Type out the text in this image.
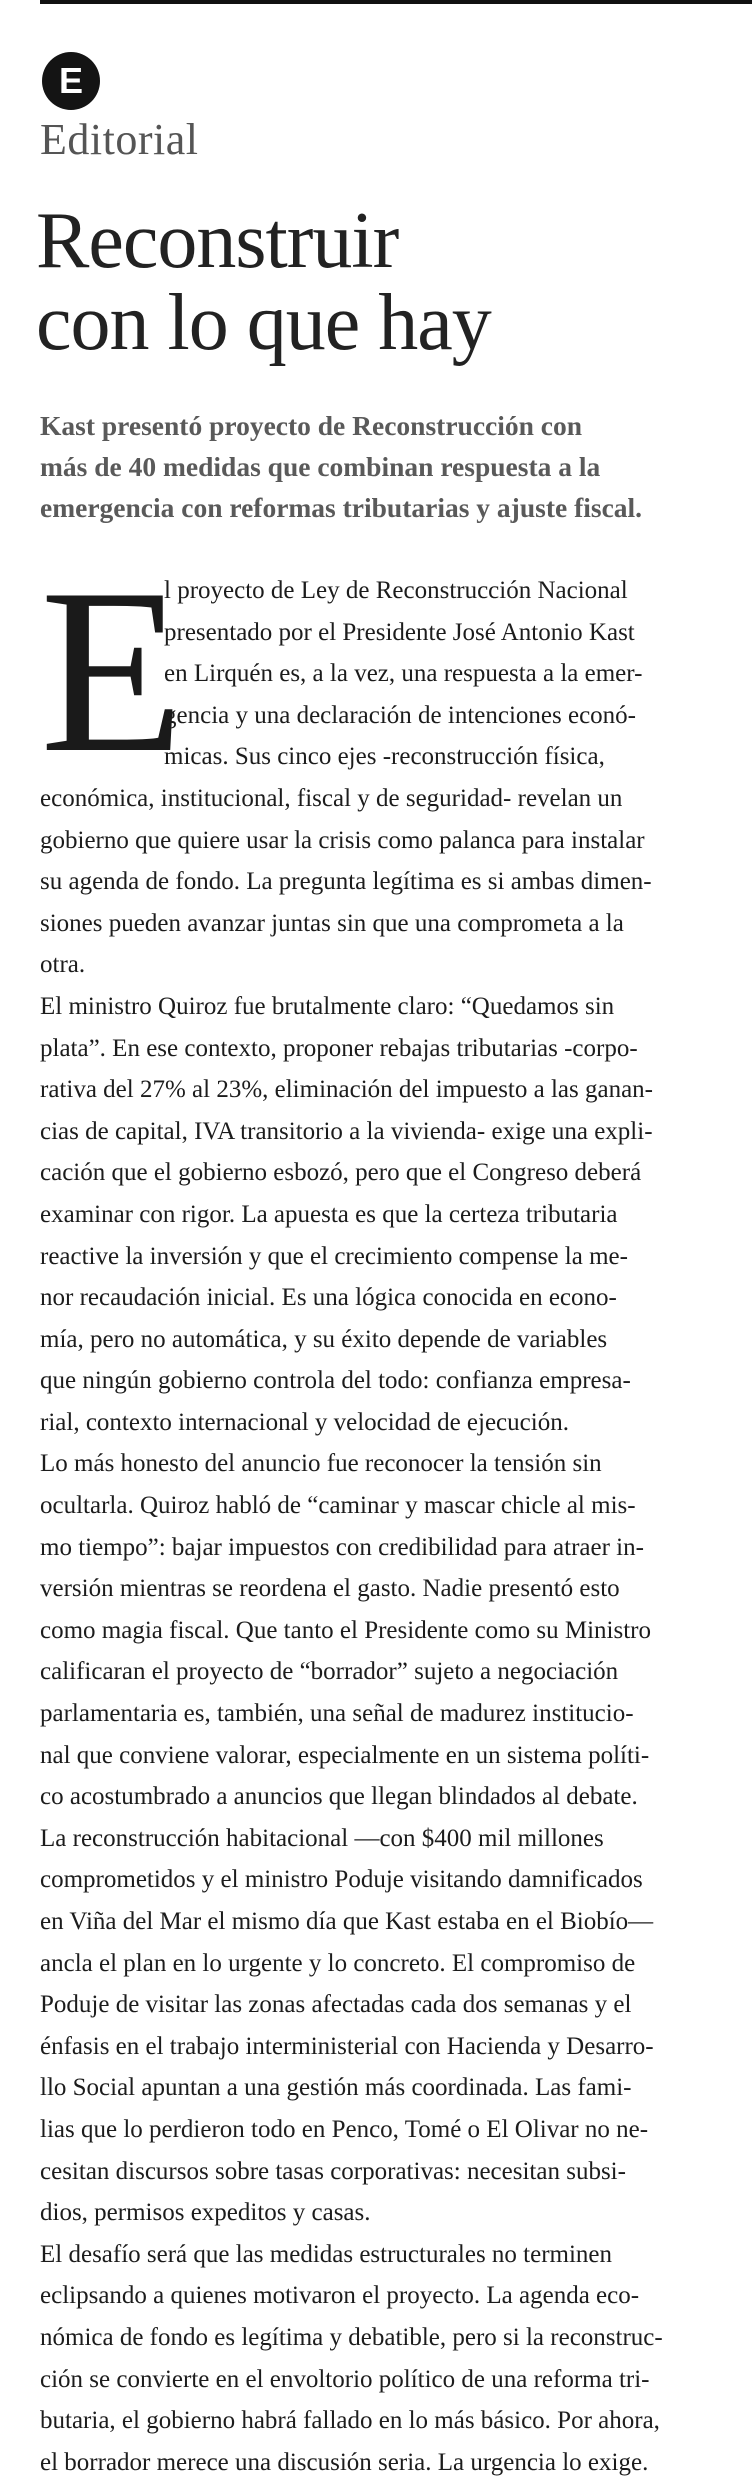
E
Editorial
Reconstruir
con lo que hay
Kast presentó proyecto de Reconstrucción con
más de 40 medidas que combinan respuesta a la
emergencia con reformas tributarias y ajuste fiscal.
E
l proyecto de Ley de Reconstrucción Nacional
presentado por el Presidente José Antonio Kast
en Lirquén es, a la vez, una respuesta a la emer-
gencia y una declaración de intenciones econó-
micas. Sus cinco ejes -reconstrucción física,
económica, institucional, fiscal y de seguridad- revelan un
gobierno que quiere usar la crisis como palanca para instalar
su agenda de fondo. La pregunta legítima es si ambas dimen-
siones pueden avanzar juntas sin que una comprometa a la
otra.
El ministro Quiroz fue brutalmente claro: “Quedamos sin
plata”. En ese contexto, proponer rebajas tributarias -corpo-
rativa del 27% al 23%, eliminación del impuesto a las ganan-
cias de capital, IVA transitorio a la vivienda- exige una expli-
cación que el gobierno esbozó, pero que el Congreso deberá
examinar con rigor. La apuesta es que la certeza tributaria
reactive la inversión y que el crecimiento compense la me-
nor recaudación inicial. Es una lógica conocida en econo-
mía, pero no automática, y su éxito depende de variables
que ningún gobierno controla del todo: confianza empresa-
rial, contexto internacional y velocidad de ejecución.
Lo más honesto del anuncio fue reconocer la tensión sin
ocultarla. Quiroz habló de “caminar y mascar chicle al mis-
mo tiempo”: bajar impuestos con credibilidad para atraer in-
versión mientras se reordena el gasto. Nadie presentó esto
como magia fiscal. Que tanto el Presidente como su Ministro
calificaran el proyecto de “borrador” sujeto a negociación
parlamentaria es, también, una señal de madurez institucio-
nal que conviene valorar, especialmente en un sistema políti-
co acostumbrado a anuncios que llegan blindados al debate.
La reconstrucción habitacional —con $400 mil millones
comprometidos y el ministro Poduje visitando damnificados
en Viña del Mar el mismo día que Kast estaba en el Biobío—
ancla el plan en lo urgente y lo concreto. El compromiso de
Poduje de visitar las zonas afectadas cada dos semanas y el
énfasis en el trabajo interministerial con Hacienda y Desarro-
llo Social apuntan a una gestión más coordinada. Las fami-
lias que lo perdieron todo en Penco, Tomé o El Olivar no ne-
cesitan discursos sobre tasas corporativas: necesitan subsi-
dios, permisos expeditos y casas.
El desafío será que las medidas estructurales no terminen
eclipsando a quienes motivaron el proyecto. La agenda eco-
nómica de fondo es legítima y debatible, pero si la reconstruc-
ción se convierte en el envoltorio político de una reforma tri-
butaria, el gobierno habrá fallado en lo más básico. Por ahora,
el borrador merece una discusión seria. La urgencia lo exige.
